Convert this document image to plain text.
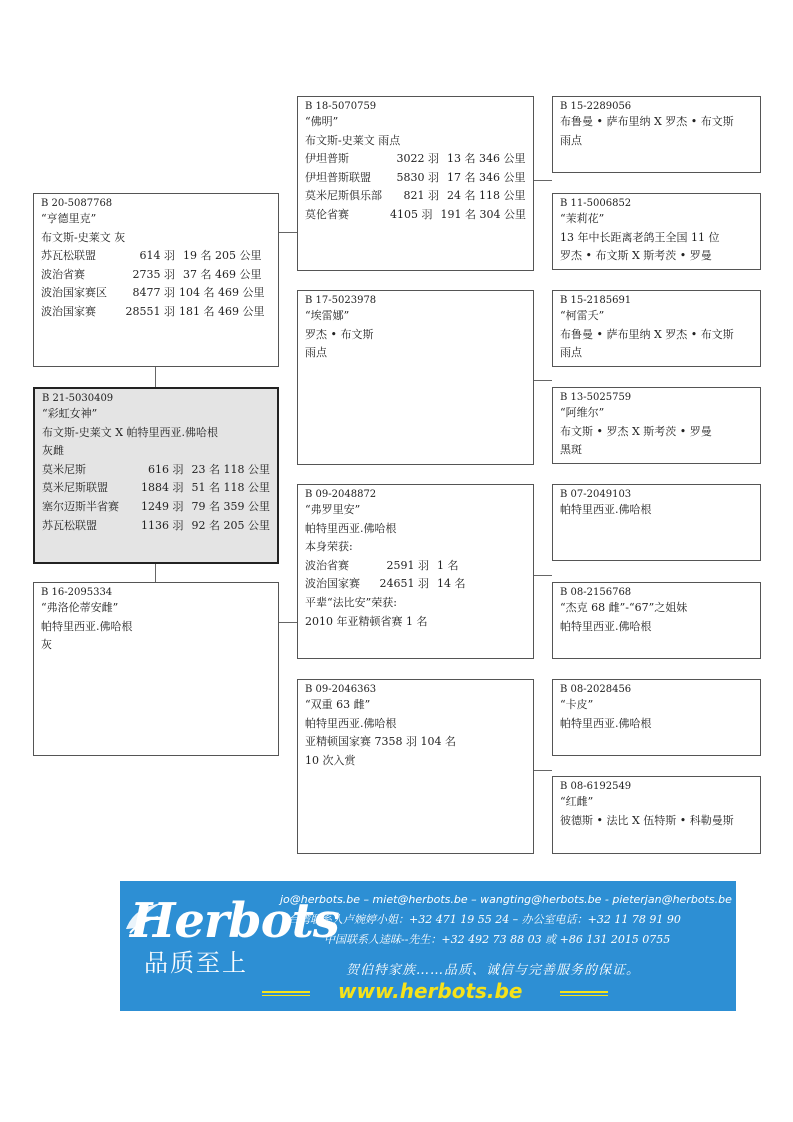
B 21-5030409
“彩虹女神”
布文斯-史莱文 X 帕特里西亚.佛哈根
灰雌
莫米尼斯	616 羽 23 名 118 公里
莫米尼斯联盟	1884 羽 51 名 118 公里
塞尔迈斯半省赛	1249 羽 79 名 359 公里
苏瓦松联盟	1136 羽 92 名 205 公里
B 20-5087768
“亨德里克”
布文斯-史莱文 灰
苏瓦松联盟	614 羽 19 名 205 公里
波治省赛	2735 羽 37 名 469 公里
波治国家赛区	8477 羽 104 名 469 公里
波治国家赛	28551 羽 181 名 469 公里
B 16-2095334
“弗洛伦蒂安雌”
帕特里西亚.佛哈根
灰
B 18-5070759
“佛明”
布文斯-史莱文 雨点
伊坦普斯	3022 羽 13 名 346 公里
伊坦普斯联盟	5830 羽 17 名 346 公里
莫米尼斯俱乐部	821 羽 24 名 118 公里
莫伦省赛	4105 羽 191 名 304 公里
B 17-5023978
“埃雷娜”
罗杰 • 布文斯
雨点
B 09-2048872
“弗罗里安”
帕特里西亚.佛哈根
本身荣获:
波治省赛	2591 羽 1 名
波治国家赛	24651 羽 14 名
平辈“法比安”荣获:
2010 年亚精顿省赛 1 名
B 09-2046363
“双重 63 雌”
帕特里西亚.佛哈根
亚精顿国家赛 7358 羽 104 名
10 次入赏
B 15-2289056
布鲁曼 • 萨布里纳 X 罗杰 • 布文斯
雨点
B 11-5006852
“茉莉花”
13 年中长距离老鸽王全国 11 位
罗杰 • 布文斯 X 斯考茨 • 罗曼
B 15-2185691
“柯雷夭”
布鲁曼 • 萨布里纳 X 罗杰 • 布文斯
雨点
B 13-5025759
“阿维尔”
布文斯 • 罗杰 X 斯考茨 • 罗曼
黑斑
B 07-2049103
帕特里西亚.佛哈根
B 08-2156768
“杰克 68 雌”-“67”之姐妹
帕特里西亚.佛哈根
B 08-2028456
“卡皮”
帕特里西亚.佛哈根
B 08-6192549
“红雌”
彼德斯 • 法比 X 伍特斯 • 科勒曼斯
Herbots
品质至上
jo@herbots.be – miet@herbots.be – wangting@herbots.be - pieterjan@herbots.be
台湾联系人卢婉婷小姐：+32 471 19 55 24 – 办公室电话：+32 11 78 91 90
中国联系人逵昧--先生：+32 492 73 88 03 或 +86 131 2015 0755
贺伯特家族……品质、诚信与完善服务的保证。
www.herbots.be
